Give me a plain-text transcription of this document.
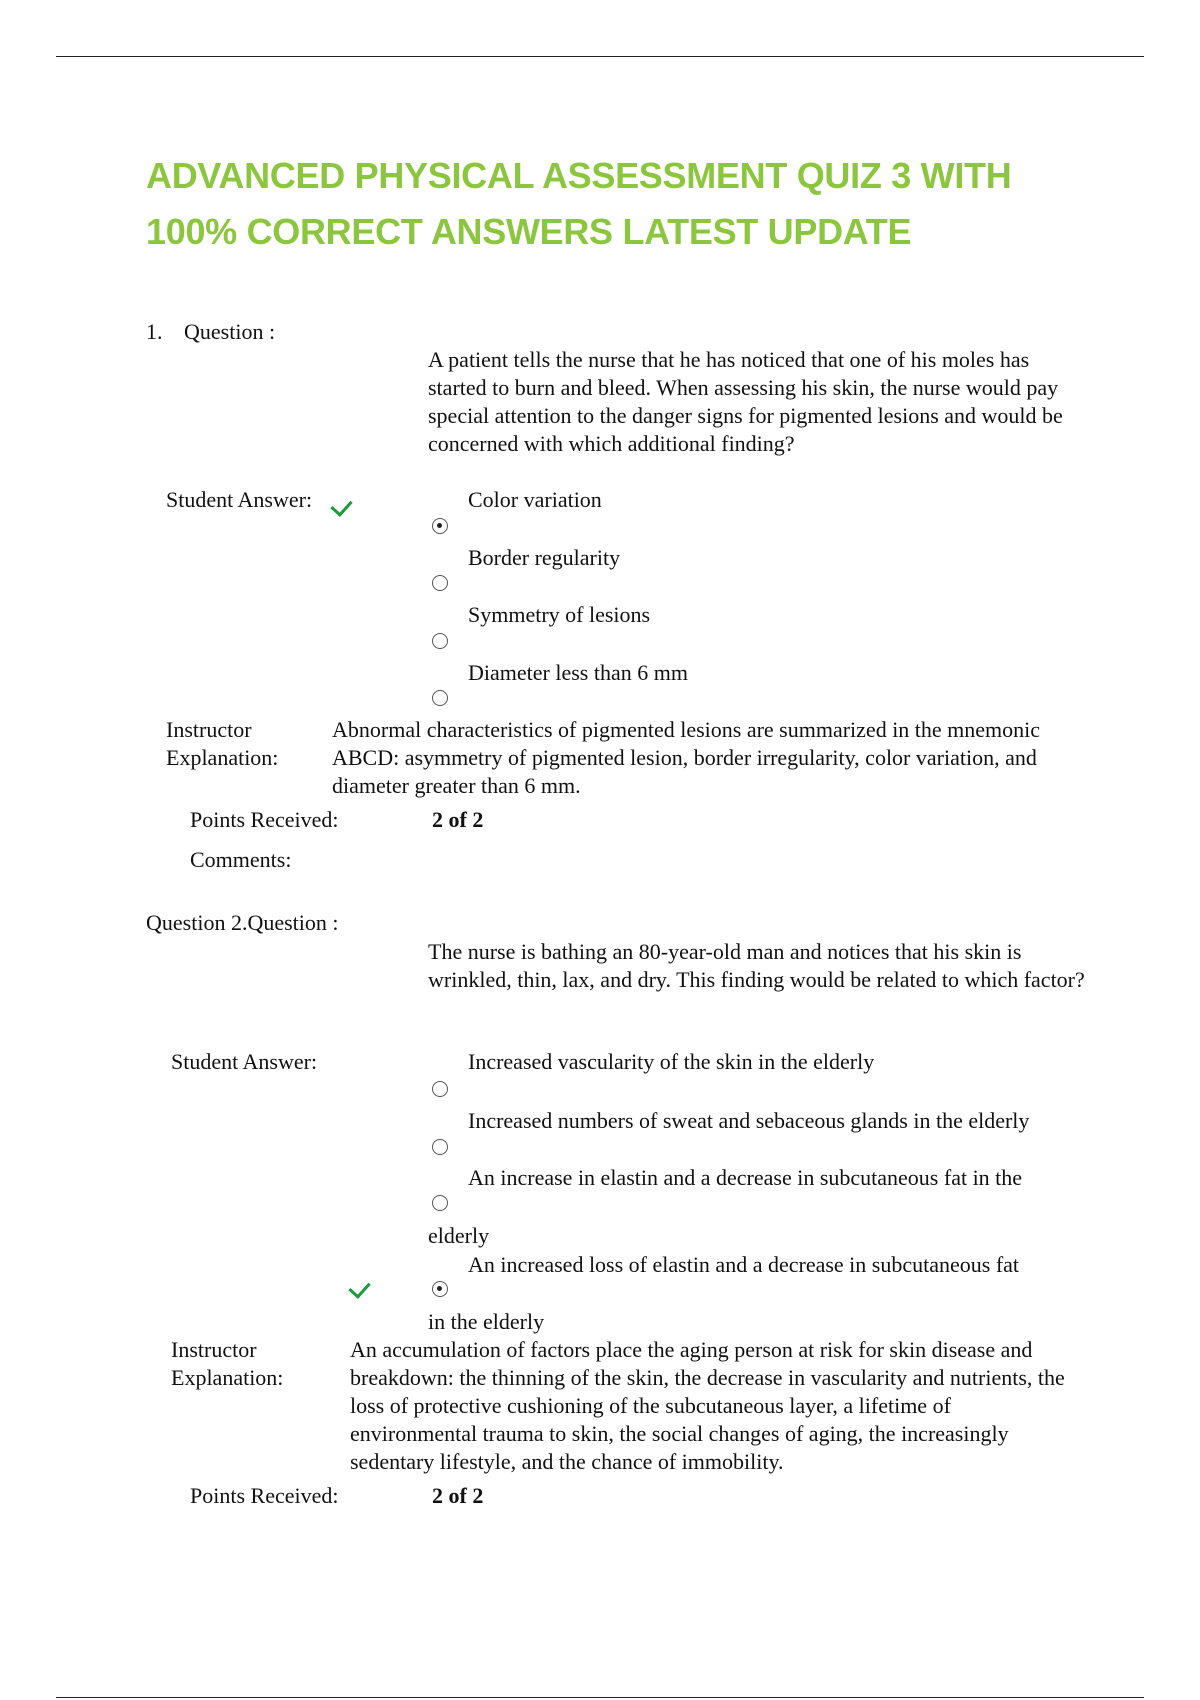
ADVANCED PHYSICAL ASSESSMENT QUIZ 3 WITH 100% CORRECT ANSWERS LATEST UPDATE
1. Question :
A patient tells the nurse that he has noticed that one of his moles has started to burn and bleed. When assessing his skin, the nurse would pay special attention to the danger signs for pigmented lesions and would be concerned with which additional finding?
Student Answer:	Color variation
Border regularity
Symmetry of lesions
Diameter less than 6 mm
Instructor
Explanation:
Abnormal characteristics of pigmented lesions are summarized in the mnemonic ABCD: asymmetry of pigmented lesion, border irregularity, color variation, and diameter greater than 6 mm.
Points Received:	2 of 2
Comments:
Question 2.Question :
The nurse is bathing an 80-year-old man and notices that his skin is wrinkled, thin, lax, and dry. This finding would be related to which factor?
Student Answer:	Increased vascularity of the skin in the elderly
Increased numbers of sweat and sebaceous glands in the elderly
An increase in elastin and a decrease in subcutaneous fat in the
elderly
An increased loss of elastin and a decrease in subcutaneous fat
in the elderly
Instructor
Explanation:
An accumulation of factors place the aging person at risk for skin disease and breakdown: the thinning of the skin, the decrease in vascularity and nutrients, the loss of protective cushioning of the subcutaneous layer, a lifetime of environmental trauma to skin, the social changes of aging, the increasingly sedentary lifestyle, and the chance of immobility.
Points Received:	2 of 2
